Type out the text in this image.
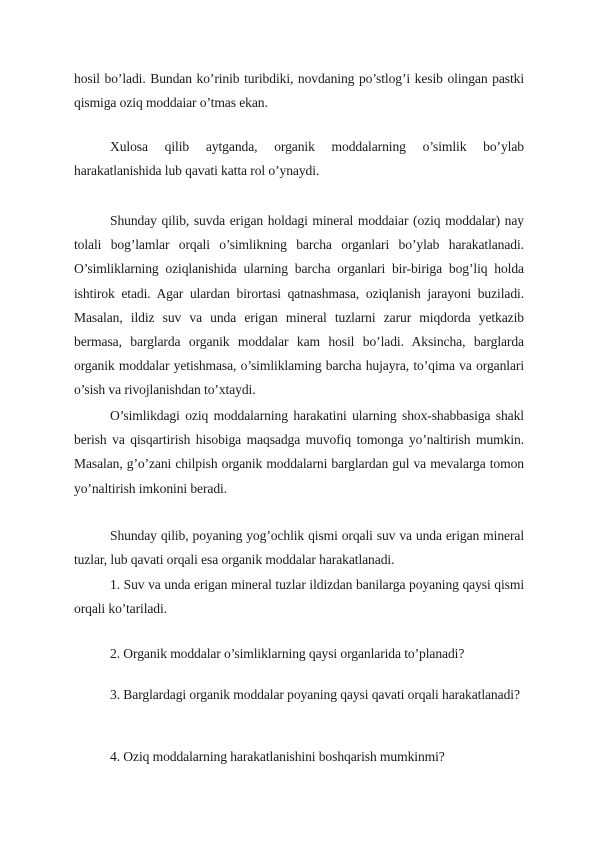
hosil bo’ladi. Bundan ko’rinib turibdiki, novdaning po’stlog’i kesib olingan pastki qismiga oziq moddaiar o’tmas ekan.

Xulosa qilib aytganda, organik moddalarning o’simlik bo’ylab harakatlanishida lub qavati katta rol o’ynaydi.

Shunday qilib, suvda erigan holdagi mineral moddaiar (oziq moddalar) nay tolali bog’lamlar orqali o’simlikning barcha organlari bo’ylab harakatlanadi. O’simliklarning oziqlanishida ularning barcha organlari bir-biriga bog’liq holda ishtirok etadi. Agar ulardan birortasi qatnashmasa, oziqlanish jarayoni buziladi. Masalan, ildiz suv va unda erigan mineral tuzlarni zarur miqdorda yetkazib bermasa, barglarda organik moddalar kam hosil bo’ladi. Aksincha, barglarda organik moddalar yetishmasa, o’simliklaming barcha hujayra, to’qima va organlari o’sish va rivojlanishdan to’xtaydi.

O’simlikdagi oziq moddalarning harakatini ularning shox-shabbasiga shakl berish va qisqartirish hisobiga maqsadga muvofiq tomonga yo’naltirish mumkin. Masalan, g’o’zani chilpish organik moddalarni barglardan gul va mevalarga tomon yo’naltirish imkonini beradi.

Shunday qilib, poyaning yog’ochlik qismi orqali suv va unda erigan mineral tuzlar, lub qavati orqali esa organik moddalar harakatlanadi.

1. Suv va unda erigan mineral tuzlar ildizdan banilarga poyaning qaysi qismi orqali ko’tariladi.

2. Organik moddalar o’simliklarning qaysi organlarida to’planadi?

3. Barglardagi organik moddalar poyaning qaysi qavati orqali harakatlanadi?

4. Oziq moddalarning harakatlanishini boshqarish mumkinmi?
